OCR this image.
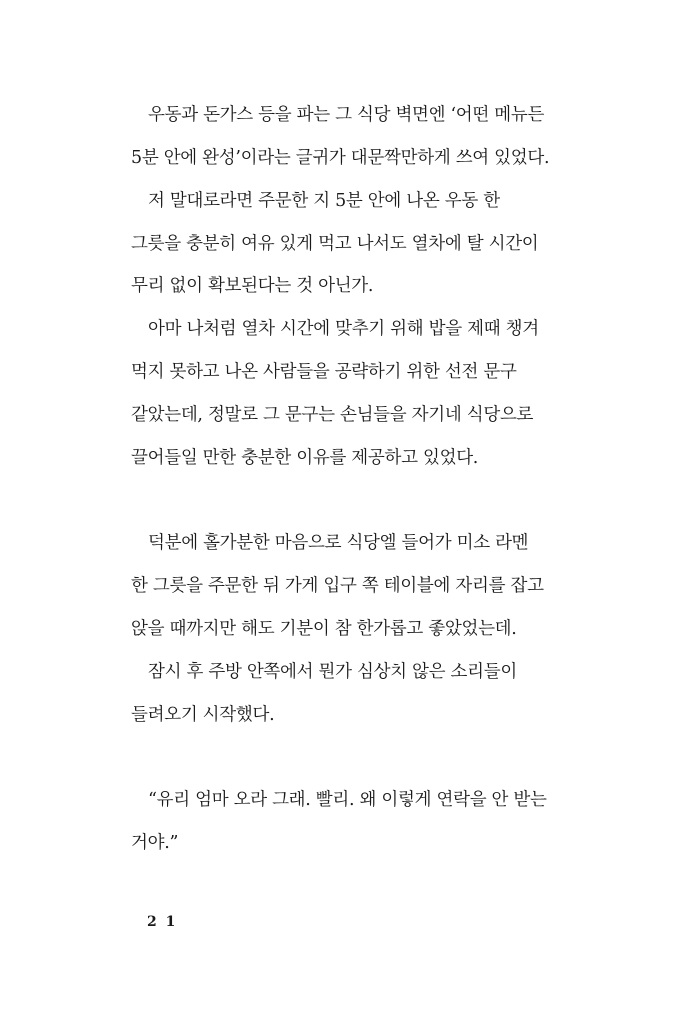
우동과 돈가스 등을 파는 그 식당 벽면엔 ‘어떤 메뉴든
5분 안에 완성’이라는 글귀가 대문짝만하게 쓰여 있었다.
저 말대로라면 주문한 지 5분 안에 나온 우동 한
그릇을 충분히 여유 있게 먹고 나서도 열차에 탈 시간이
무리 없이 확보된다는 것 아닌가.
아마 나처럼 열차 시간에 맞추기 위해 밥을 제때 챙겨
먹지 못하고 나온 사람들을 공략하기 위한 선전 문구
같았는데, 정말로 그 문구는 손님들을 자기네 식당으로
끌어들일 만한 충분한 이유를 제공하고 있었다.
덕분에 홀가분한 마음으로 식당엘 들어가 미소 라멘
한 그릇을 주문한 뒤 가게 입구 쪽 테이블에 자리를 잡고
앉을 때까지만 해도 기분이 참 한가롭고 좋았었는데.
잠시 후 주방 안쪽에서 뭔가 심상치 않은 소리들이
들려오기 시작했다.
“유리 엄마 오라 그래. 빨리. 왜 이렇게 연락을 안 받는
거야.”
2 1
